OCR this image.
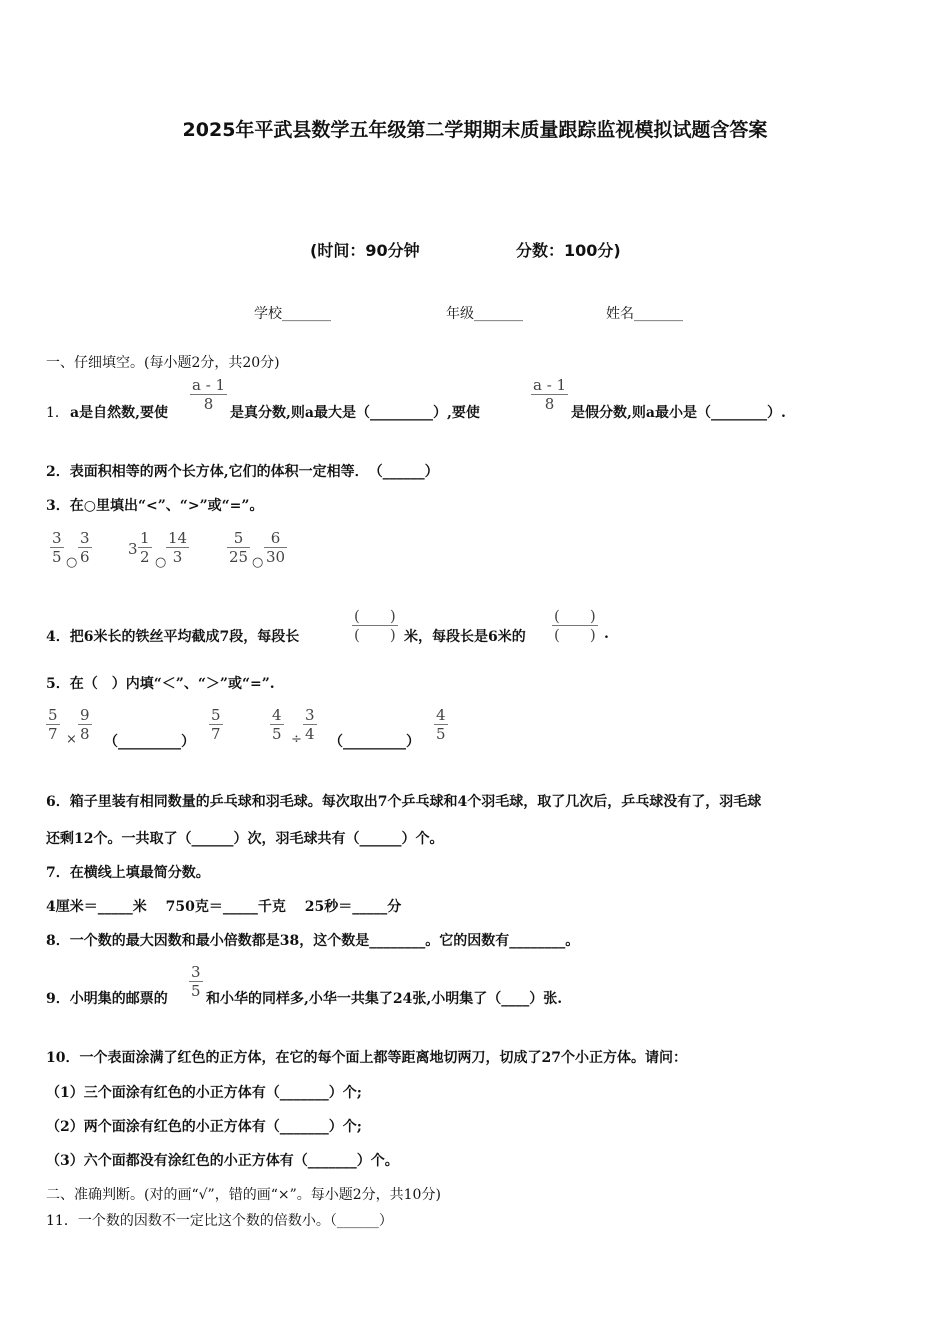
2025年平武县数学五年级第二学期期末质量跟踪监视模拟试题含答案
(时间：90分钟	分数：100分)
学校_______	年级_______	姓名_______
一、仔细填空。(每小题2分，共20分)
1． a是自然数,要使 $\frac{a - 1}{8}$ 是真分数,则a最大是（_________）,要使	$\frac{a - 1}{8}$ 是假分数,则a最小是（________）.
2．表面积相等的两个长方体,它们的体积一定相等．　（______）
3．在○里填出“<”、“>”或“=”。
$\frac{3}{5}$ ○ $\frac{3}{6} 3 \frac{1}{2}$ ○ $\frac{14}{3}$	$\frac{5}{25}$ ○ $\frac{6}{30}$
4．把6米长的铁丝平均截成7段，每段长
(　　)
(　　) 米，每段长是6米的
(　　)
(　　) .
5．在（　）内填“＜”、“＞”或“=”.
$\frac{5}{7} \times \frac{9}{8}$ （_________） $\frac{5}{7}$	$\frac{4}{5} \div \frac{3}{4}$ （_________） $\frac{4}{5}$
6．箱子里装有相同数量的乒乓球和羽毛球。每次取出7个乒乓球和4个羽毛球，取了几次后，乒乓球没有了，羽毛球
还剩12个。一共取了（______）次，羽毛球共有（______）个。
7．在横线上填最简分数。
4厘米＝_____米　 750克＝_____千克　 25秒＝_____分
8．一个数的最大因数和最小倍数都是38，这个数是________。它的因数有________。
9．小明集的邮票的 $\frac{3}{5}$ 和小华的同样多,小华一共集了24张,小明集了（____）张.
10．一个表面涂满了红色的正方体，在它的每个面上都等距离地切两刀，切成了27个小正方体。请问：
（1）三个面涂有红色的小正方体有（_______）个;
（2）两个面涂有红色的小正方体有（_______）个;
（3）六个面都没有涂红色的小正方体有（_______）个。
二、准确判断。(对的画“√”，错的画“×”。每小题2分，共10分)
11．一个数的因数不一定比这个数的倍数小。（______）
